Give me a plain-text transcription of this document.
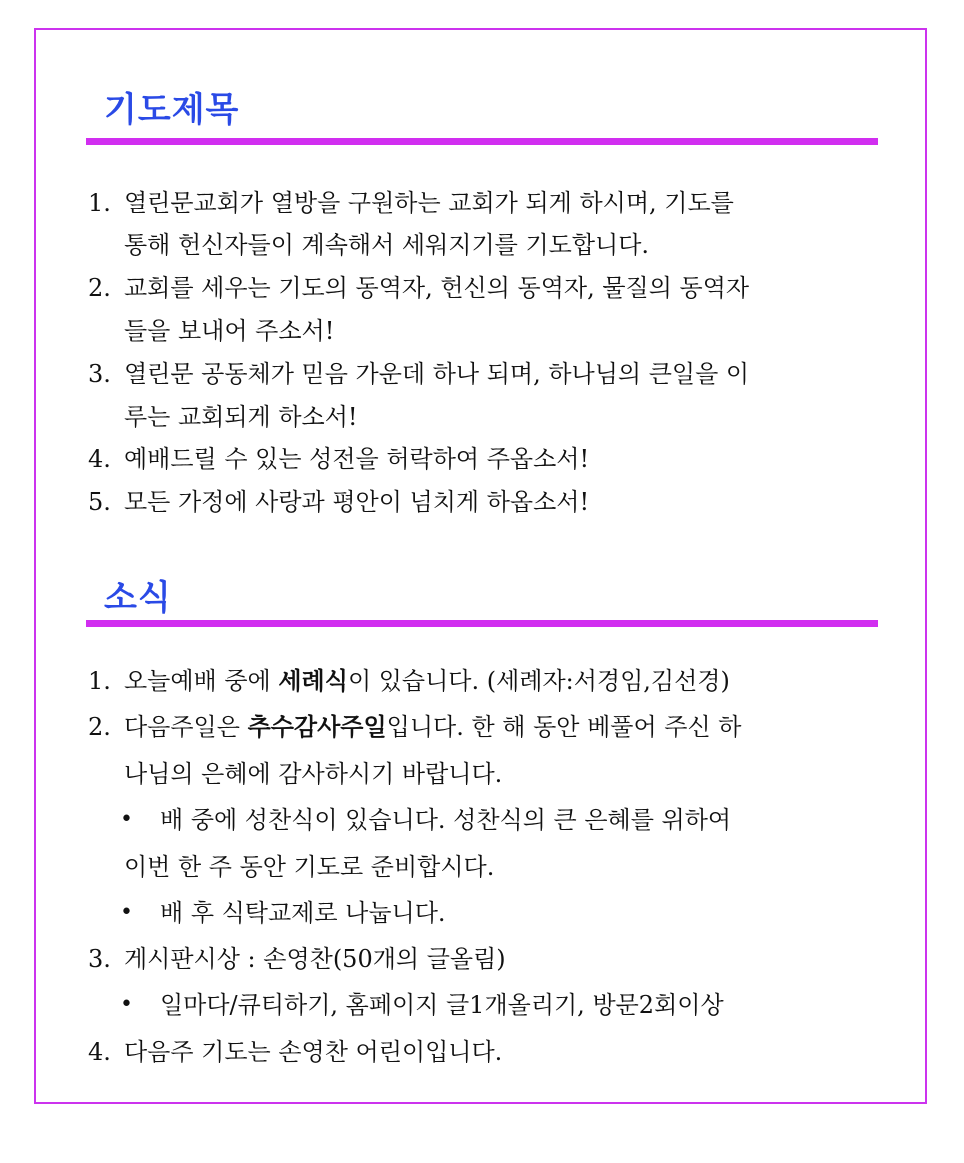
기도제목
1. 열린문교회가 열방을 구원하는 교회가 되게 하시며, 기도를
통해 헌신자들이 계속해서 세워지기를 기도합니다.
2. 교회를 세우는 기도의 동역자, 헌신의 동역자, 물질의 동역자
들을 보내어 주소서!
3. 열린문 공동체가 믿음 가운데 하나 되며, 하나님의 큰일을 이
루는 교회되게 하소서!
4. 예배드릴 수 있는 성전을 허락하여 주옵소서!
5. 모든 가정에 사랑과 평안이 넘치게 하옵소서!
소식
1. 오늘예배 중에 세례식이 있습니다. (세례자:서경임,김선경)
2. 다음주일은 추수감사주일입니다. 한 해 동안 베풀어 주신 하
나님의 은혜에 감사하시기 바랍니다.
• 배 중에 성찬식이 있습니다. 성찬식의 큰 은혜를 위하여
이번 한 주 동안 기도로 준비합시다.
• 배 후 식탁교제로 나눕니다.
3. 게시판시상 : 손영찬(50개의 글올림)
• 일마다/큐티하기, 홈페이지 글1개올리기, 방문2회이상
4. 다음주 기도는 손영찬 어린이입니다.
